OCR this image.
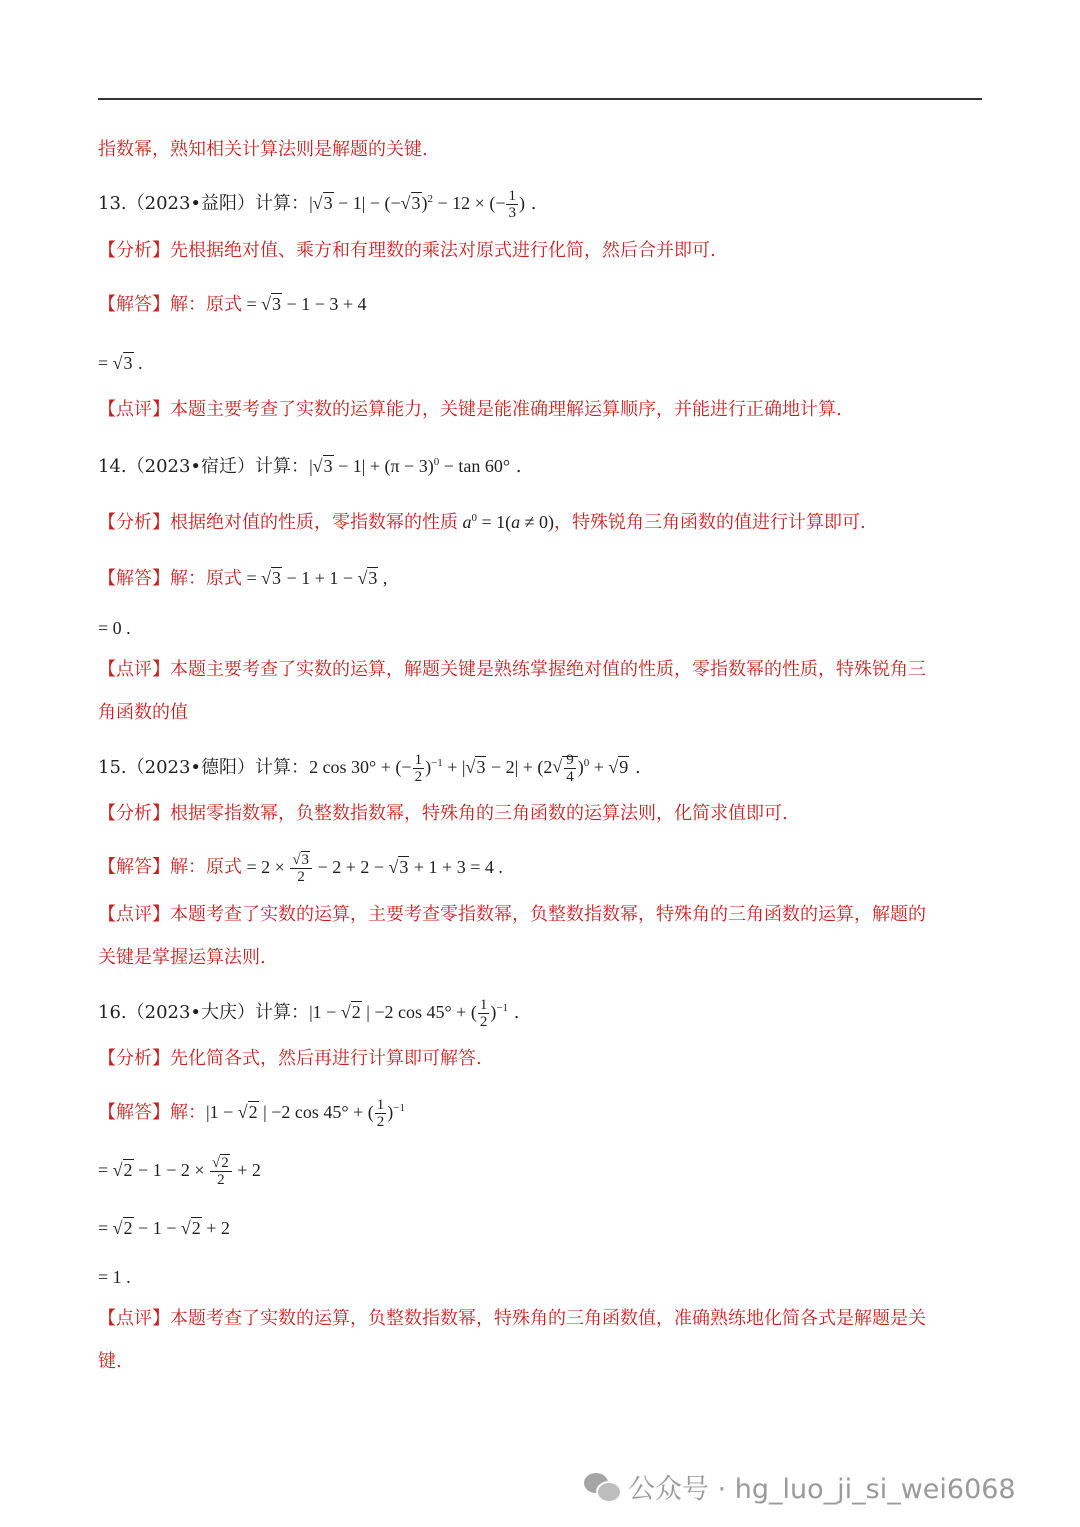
指数幂，熟知相关计算法则是解题的关键.
13.（2023•益阳）计算：$|√3 - 1| - (-√3)^2 - 12$ × (− $\frac{1}{3}$ ) .
【分析】先根据绝对值、乘方和有理数的乘法对原式进行化简，然后合并即可.
【解答】解：原式 = √3 − 1 − 3 + 4
= √3 .
【点评】本题主要考查了实数的运算能力，关键是能准确理解运算顺序，并能进行正确地计算.
14.（2023•宿迁）计算：$|√3 - 1| + (\pi - 3)^0 - \tan 60^\circ$ .
【分析】根据绝对值的性质，零指数幂的性质 $a^0 = 1(a \ne 0)$，特殊锐角三角函数的值进行计算即可.
【解答】解：原式 = √3 − 1 + 1 − √3 ,
= 0 .
【点评】本题主要考查了实数的运算，解题关键是熟练掌握绝对值的性质，零指数幂的性质，特殊锐角三
角函数的值
15.（2023•德阳）计算：2 cos 30° + (− $\frac{1}{2} )^{-1} + |√3 - 2| + (2√ \frac{9}{4} )^0 + √9$ .
【分析】根据零指数幂，负整数指数幂，特殊角的三角函数的运算法则，化简求值即可.
【解答】解：原式 = $2 \times \frac{√3}{2} - 2 + 2 - √3 + 1 + 3 = 4$ .
【点评】本题考查了实数的运算，主要考查零指数幂，负整数指数幂，特殊角的三角函数的运算，解题的
关键是掌握运算法则.
16.（2023•大庆）计算：|1 − √2 | −2 cos 45° + ( $\frac{1}{2} )^{-1}$ .
【分析】先化简各式，然后再进行计算即可解答.
【解答】解：|1 − √2 | −2 cos 45° + ( $\frac{1}{2} )^{-1}$
= $√2 - 1 - 2 \times \frac{√2}{2} + 2$
= √2 − 1 − √2 + 2
= 1 .
【点评】本题考查了实数的运算，负整数指数幂，特殊角的三角函数值，准确熟练地化简各式是解题是关
键.
公众号 · hg_luo_ji_si_wei6068
